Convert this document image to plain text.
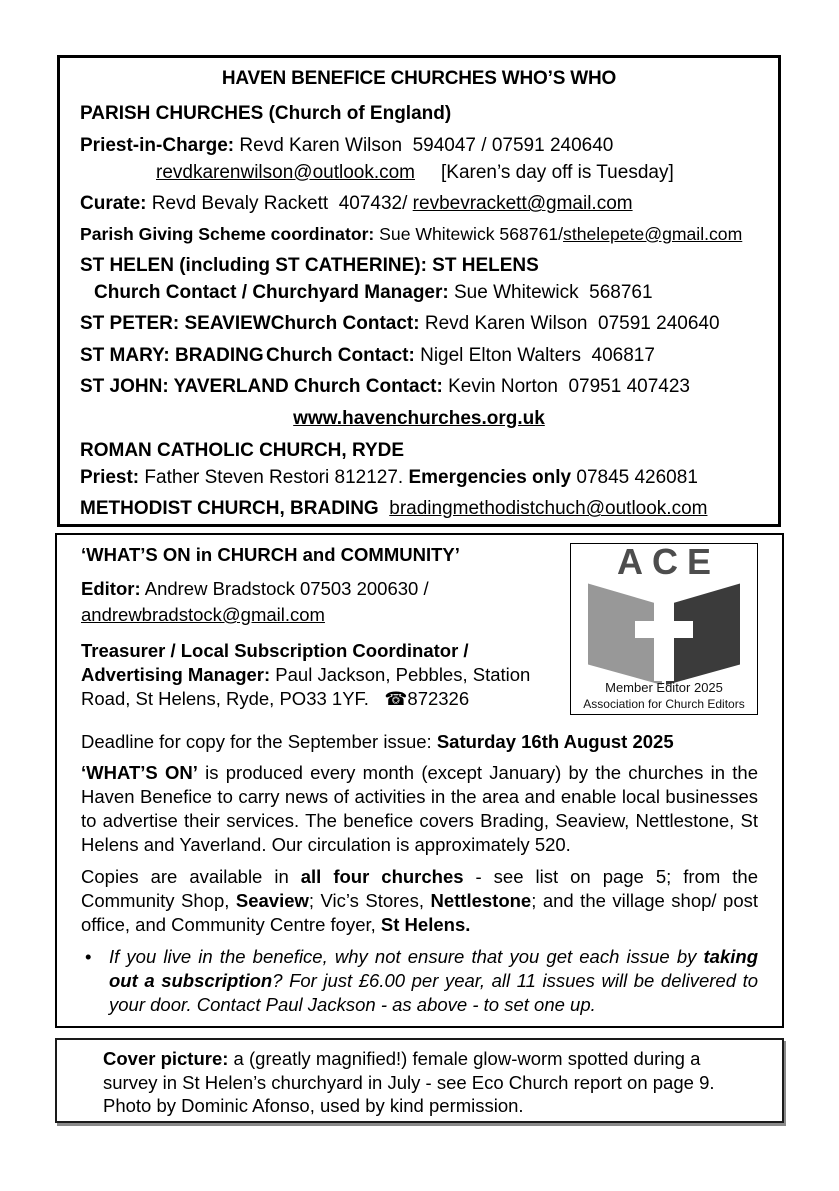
HAVEN BENEFICE CHURCHES WHO’S WHO

PARISH CHURCHES (Church of England)

Priest-in-Charge: Revd Karen Wilson  594047 / 07591 240640

revdkarenwilson@outlook.com [Karen’s day off is Tuesday]

Curate: Revd Bevaly Rackett  407432/ revbevrackett@gmail.com

Parish Giving Scheme coordinator: Sue Whitewick 568761/sthelepete@gmail.com

ST HELEN (including ST CATHERINE): ST HELENS

Church Contact / Churchyard Manager: Sue Whitewick  568761

ST PETER: SEAVIEW Church Contact: Revd Karen Wilson  07591 240640
ST MARY: BRADING Church Contact: Nigel Elton Walters  406817
ST JOHN: YAVERLAND Church Contact: Kevin Norton  07951 407423

www.havenchurches.org.uk

ROMAN CATHOLIC CHURCH, RYDE

Priest: Father Steven Restori 812127. Emergencies only 07845 426081

METHODIST CHURCH, BRADING bradingmethodistchuch@outlook.com

‘WHAT’S ON in CHURCH and COMMUNITY’

Editor: Andrew Bradstock 07503 200630 /

andrewbradstock@gmail.com

Treasurer / Local Subscription Coordinator /
Advertising Manager: Paul Jackson, Pebbles, Station Road, St Helens, Ryde, PO33 1YF.   ☎872326

ACE
Member Editor 2025
Association for Church Editors

Deadline for copy for the September issue: Saturday 16th August 2025

‘WHAT’S ON’ is produced every month (except January) by the churches in the Haven Benefice to carry news of activities in the area and enable local businesses to advertise their services. The benefice covers Brading, Seaview, Nettlestone, St Helens and Yaverland. Our circulation is approximately 520.

Copies are available in all four churches - see list on page 5; from the Community Shop, Seaview; Vic’s Stores, Nettlestone; and the village shop/ post office, and Community Centre foyer, St Helens.

• If you live in the benefice, why not ensure that you get each issue by taking out a subscription? For just £6.00 per year, all 11 issues will be delivered to your door. Contact Paul Jackson - as above - to set one up.

Cover picture: a (greatly magnified!) female glow-worm spotted during a survey in St Helen’s churchyard in July - see Eco Church report on page 9. Photo by Dominic Afonso, used by kind permission.
